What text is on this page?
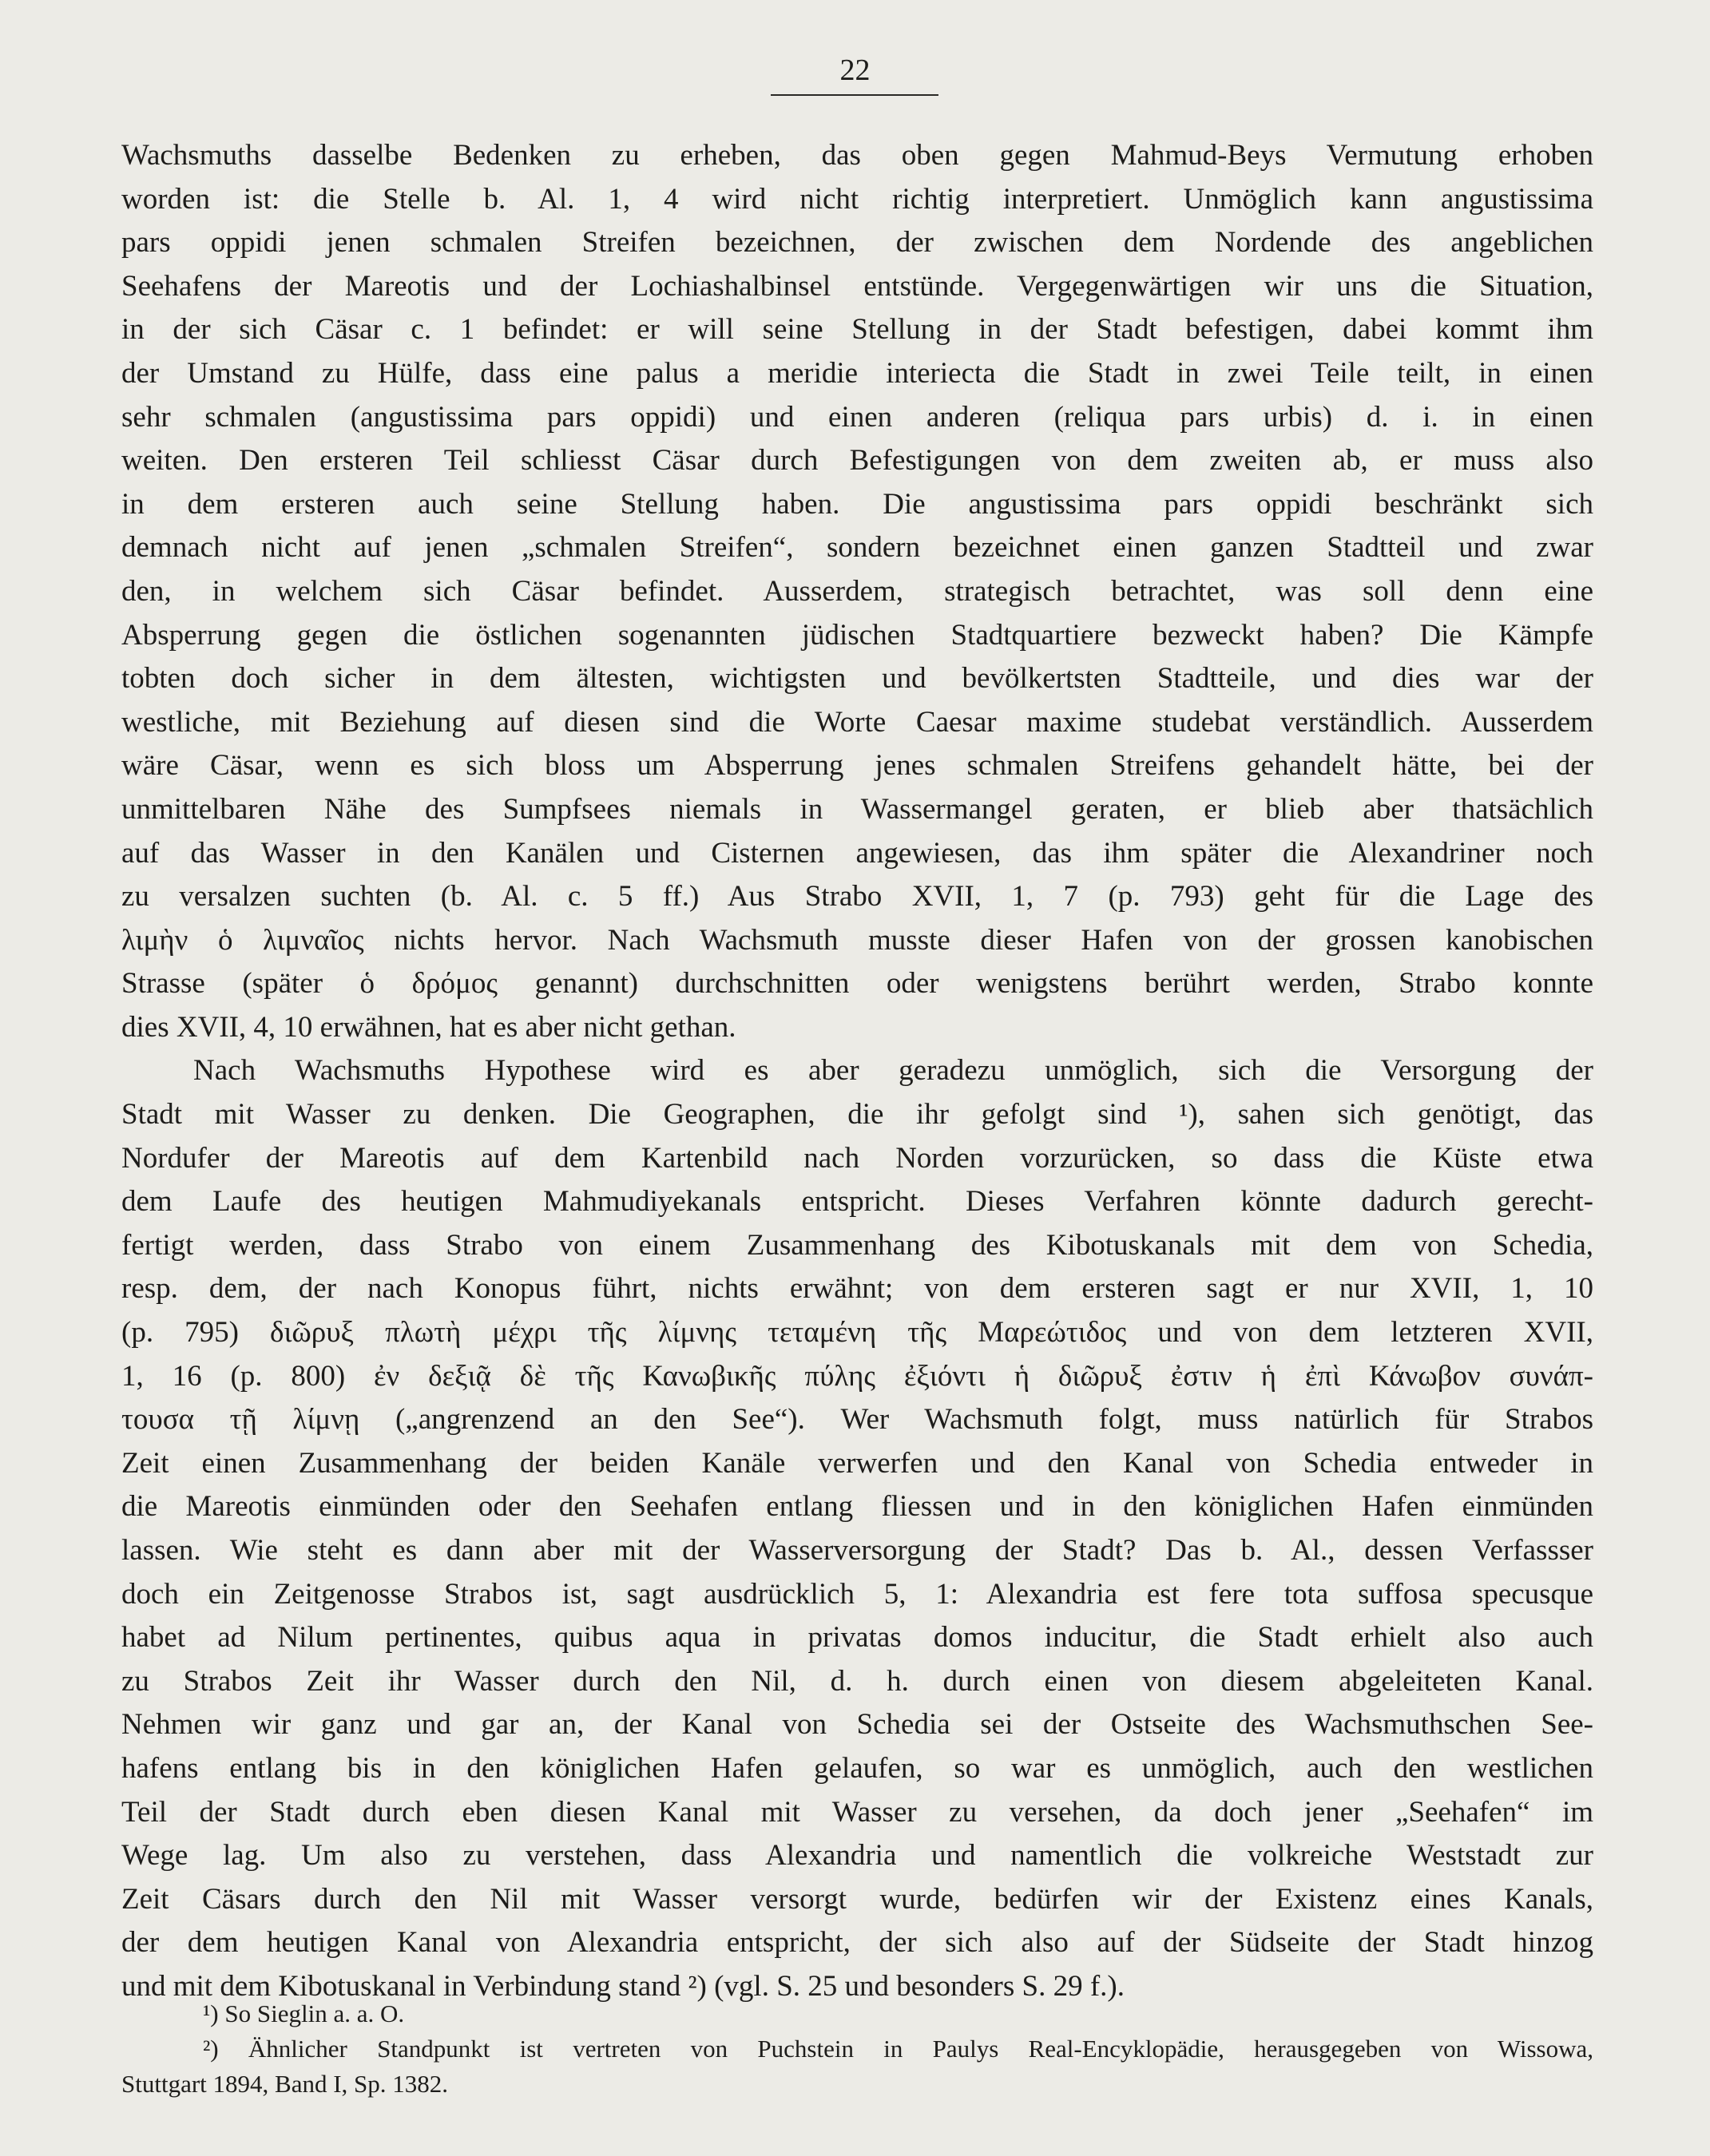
22
Wachsmuths dasselbe Bedenken zu erheben, das oben gegen Mahmud-Beys Vermutung erhoben
worden ist: die Stelle b. Al. 1, 4 wird nicht richtig interpretiert. Unmöglich kann angustissima
pars oppidi jenen schmalen Streifen bezeichnen, der zwischen dem Nordende des angeblichen
Seehafens der Mareotis und der Lochiashalbinsel entstünde. Vergegenwärtigen wir uns die Situation,
in der sich Cäsar c. 1 befindet: er will seine Stellung in der Stadt befestigen, dabei kommt ihm
der Umstand zu Hülfe, dass eine palus a meridie interiecta die Stadt in zwei Teile teilt, in einen
sehr schmalen (angustissima pars oppidi) und einen anderen (reliqua pars urbis) d. i. in einen
weiten. Den ersteren Teil schliesst Cäsar durch Befestigungen von dem zweiten ab, er muss also
in dem ersteren auch seine Stellung haben. Die angustissima pars oppidi beschränkt sich
demnach nicht auf jenen „schmalen Streifen“, sondern bezeichnet einen ganzen Stadtteil und zwar
den, in welchem sich Cäsar befindet. Ausserdem, strategisch betrachtet, was soll denn eine
Absperrung gegen die östlichen sogenannten jüdischen Stadtquartiere bezweckt haben? Die Kämpfe
tobten doch sicher in dem ältesten, wichtigsten und bevölkertsten Stadtteile, und dies war der
westliche, mit Beziehung auf diesen sind die Worte Caesar maxime studebat verständlich. Ausserdem
wäre Cäsar, wenn es sich bloss um Absperrung jenes schmalen Streifens gehandelt hätte, bei der
unmittelbaren Nähe des Sumpfsees niemals in Wassermangel geraten, er blieb aber thatsächlich
auf das Wasser in den Kanälen und Cisternen angewiesen, das ihm später die Alexandriner noch
zu versalzen suchten (b. Al. c. 5 ff.) Aus Strabo XVII, 1, 7 (p. 793) geht für die Lage des
λιμὴν ὁ λιμναῖος nichts hervor. Nach Wachsmuth musste dieser Hafen von der grossen kanobischen
Strasse (später ὁ δρόμος genannt) durchschnitten oder wenigstens berührt werden, Strabo konnte
dies XVII, 4, 10 erwähnen, hat es aber nicht gethan.
Nach Wachsmuths Hypothese wird es aber geradezu unmöglich, sich die Versorgung der
Stadt mit Wasser zu denken. Die Geographen, die ihr gefolgt sind ¹), sahen sich genötigt, das
Nordufer der Mareotis auf dem Kartenbild nach Norden vorzurücken, so dass die Küste etwa
dem Laufe des heutigen Mahmudiyekanals entspricht. Dieses Verfahren könnte dadurch gerecht-
fertigt werden, dass Strabo von einem Zusammenhang des Kibotuskanals mit dem von Schedia,
resp. dem, der nach Konopus führt, nichts erwähnt; von dem ersteren sagt er nur XVII, 1, 10
(p. 795) διῶρυξ πλωτὴ μέχρι τῆς λίμνης τεταμένη τῆς Μαρεώτιδος und von dem letzteren XVII,
1, 16 (p. 800) ἐν δεξιᾷ δὲ τῆς Κανωβικῆς πύλης ἐξιόντι ἡ διῶρυξ ἐστιν ἡ ἐπὶ Κάνωβον συνάπ-
τουσα τῇ λίμνῃ („angrenzend an den See“). Wer Wachsmuth folgt, muss natürlich für Strabos
Zeit einen Zusammenhang der beiden Kanäle verwerfen und den Kanal von Schedia entweder in
die Mareotis einmünden oder den Seehafen entlang fliessen und in den königlichen Hafen einmünden
lassen. Wie steht es dann aber mit der Wasserversorgung der Stadt? Das b. Al., dessen Verfassser
doch ein Zeitgenosse Strabos ist, sagt ausdrücklich 5, 1: Alexandria est fere tota suffosa specusque
habet ad Nilum pertinentes, quibus aqua in privatas domos inducitur, die Stadt erhielt also auch
zu Strabos Zeit ihr Wasser durch den Nil, d. h. durch einen von diesem abgeleiteten Kanal.
Nehmen wir ganz und gar an, der Kanal von Schedia sei der Ostseite des Wachsmuthschen See-
hafens entlang bis in den königlichen Hafen gelaufen, so war es unmöglich, auch den westlichen
Teil der Stadt durch eben diesen Kanal mit Wasser zu versehen, da doch jener „Seehafen“ im
Wege lag. Um also zu verstehen, dass Alexandria und namentlich die volkreiche Weststadt zur
Zeit Cäsars durch den Nil mit Wasser versorgt wurde, bedürfen wir der Existenz eines Kanals,
der dem heutigen Kanal von Alexandria entspricht, der sich also auf der Südseite der Stadt hinzog
und mit dem Kibotuskanal in Verbindung stand ²) (vgl. S. 25 und besonders S. 29 f.).
¹) So Sieglin a. a. O.
²) Ähnlicher Standpunkt ist vertreten von Puchstein in Paulys Real-Encyklopädie, herausgegeben von Wissowa,
Stuttgart 1894, Band I, Sp. 1382.
